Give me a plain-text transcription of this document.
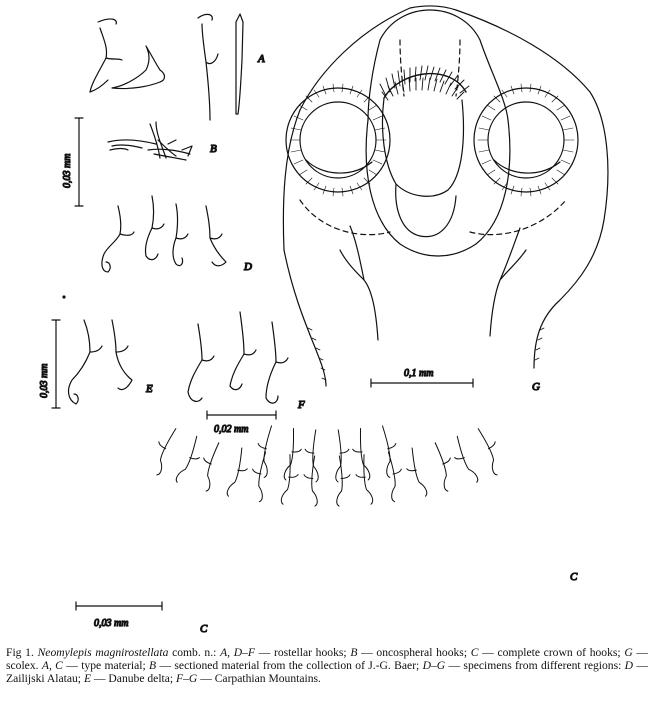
A
0,03 mm
B
D
0,03 mm	E
F
0,02 mm
0,1 mm
G
C
C
0,03 mm

Fig 1. Neomylepis magnirostellata comb. n.: A, D–F — rostellar hooks; B — oncospheral hooks; C — complete crown of hooks; G — scolex. A, C — type material; B — sectioned material from the collection of J.-G. Baer; D–G — specimens from different regions: D — Zailijski Alatau; E — Danube delta; F–G — Carpathian Mountains.
